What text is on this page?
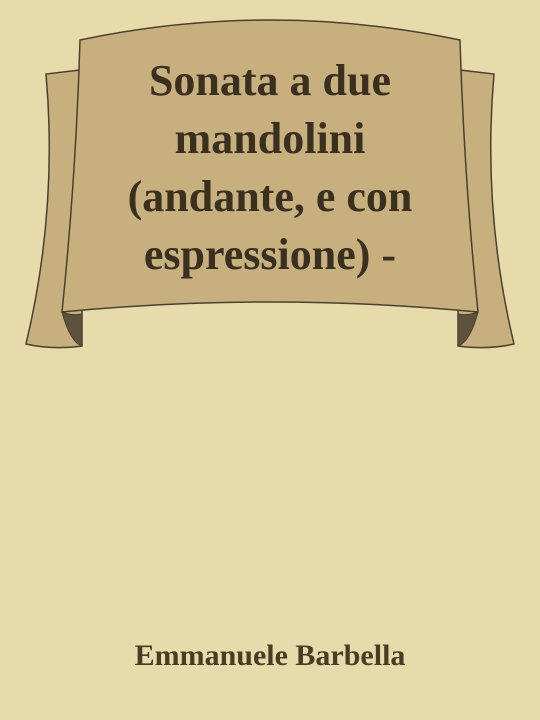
Sonata a due
mandolini
(andante, e con
espressione) -
Emmanuele Barbella
